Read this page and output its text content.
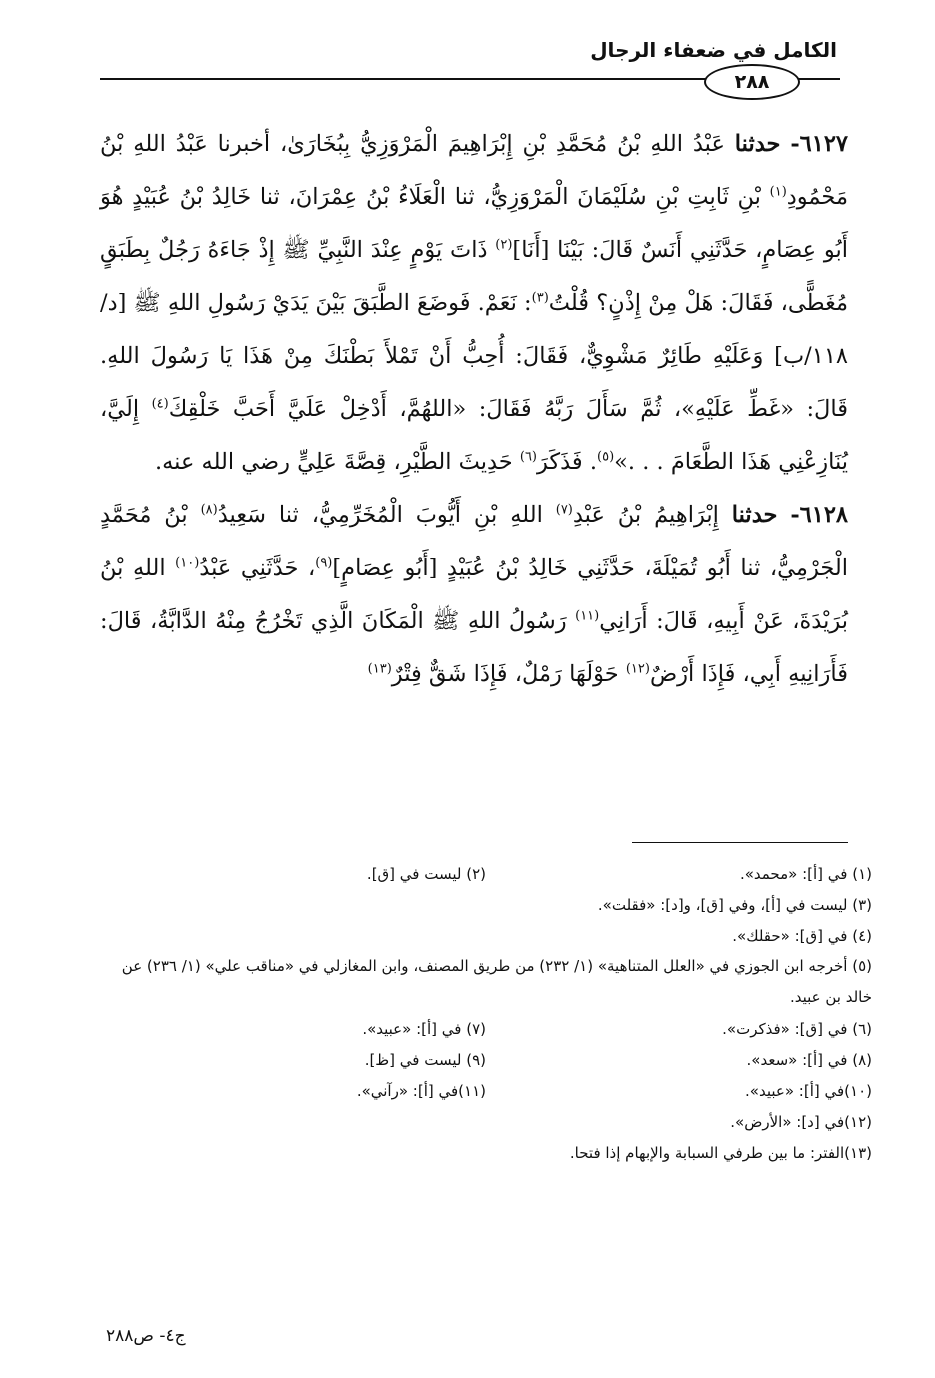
الكامل في ضعفاء الرجال
٢٨٨

٦١٢٧- حدثنا عَبْدُ اللهِ بْنُ مُحَمَّدِ بْنِ إِبْرَاهِيمَ الْمَرْوَزِيُّ بِبُخَارَىٰ، أخبرنا عَبْدُ اللهِ بْنُ مَحْمُودِ$^{(١)}$ بْنِ ثَابِتِ بْنِ سُلَيْمَانَ الْمَرْوَزِيُّ، ثنا الْعَلَاءُ بْنُ عِمْرَانَ، ثنا خَالِدُ بْنُ عُبَيْدٍ هُوَ أَبُو عِصَامٍ، حَدَّثَنِي أَنَسٌ قَالَ: بَيْنَا [أَنَا]$^{(٢)}$ ذَاتَ يَوْمٍ عِنْدَ النَّبِيِّ ﷺ إِذْ جَاءَهُ رَجُلٌ بِطَبَقٍ مُغَطًّى، فَقَالَ: هَلْ مِنْ إِذْنٍ؟ قُلْتُ$^{(٣)}$: نَعَمْ. فَوضَعَ الطَّبَقَ بَيْنَ يَدَيْ رَسُولِ اللهِ ﷺ [د/١١٨/ب] وَعَلَيْهِ طَائِرٌ مَشْوِيٌّ، فَقَالَ: أُحِبُّ أَنْ تَمْلأَ بَطْنَكَ مِنْ هَذَا يَا رَسُولَ اللهِ. قَالَ: «غَطِّ عَلَيْهِ»، ثُمَّ سَأَلَ رَبَّهُ فَقَالَ: «اللهُمَّ، أَدْخِلْ عَلَيَّ أَحَبَّ خَلْقِكَ$^{(٤)}$ إِلَيَّ، يُنَازِعْنِي هَذَا الطَّعَامَ . . .»$^{(٥)}$. فَذَكَرَ$^{(٦)}$ حَدِيثَ الطَّيْرِ، قِصَّةَ عَلِيٍّ رضي الله عنه.

٦١٢٨- حدثنا إِبْرَاهِيمُ بْنُ عَبْدِ$^{(٧)}$ اللهِ بْنِ أَيُّوبَ الْمُخَرِّمِيُّ، ثنا سَعِيدُ$^{(٨)}$ بْنُ مُحَمَّدٍ الْجَرْمِيُّ، ثنا أَبُو تُمَيْلَةَ، حَدَّثَنِي خَالِدُ بْنُ عُبَيْدٍ [أَبُو عِصَامٍ]$^{(٩)}$، حَدَّثَنِي عَبْدُ$^{(١٠)}$ اللهِ بْنُ بُرَيْدَةَ، عَنْ أَبِيهِ، قَالَ: أَرَانِي$^{(١١)}$ رَسُولُ اللهِ ﷺ الْمَكَانَ الَّذِي تَخْرُجُ مِنْهُ الدَّابَّةُ، قَالَ: فَأَرَانِيهِ أَبِي، فَإِذَا أَرْضٌ$^{(١٢)}$ حَوْلَهَا رَمْلٌ، فَإِذَا شَقٌّ فِتْرٌ$^{(١٣)}$

(١) في [أ]: «محمد».
(٢) ليست في [ق].
(٣) ليست في [أ]، وفي [ق]، و[د]: «فقلت».
(٤) في [ق]: «حقلك».
(٥) أخرجه ابن الجوزي في «العلل المتناهية» (١/ ٢٣٢) من طريق المصنف، وابن المغازلي في «مناقب علي» (١/ ٢٣٦) عن خالد بن عبيد.
(٦) في [ق]: «فذكرت».
(٧) في [أ]: «عبيد».
(٨) في [أ]: «سعد».
(٩) ليست في [ظ].
(١٠)في [أ]: «عبيد».
(١١)في [أ]: «رآني».
(١٢)في [د]: «الأرض».
(١٣)الفتر: ما بين طرفي السبابة والإبهام إذا فتحا.
ج٤- ص٢٨٨
